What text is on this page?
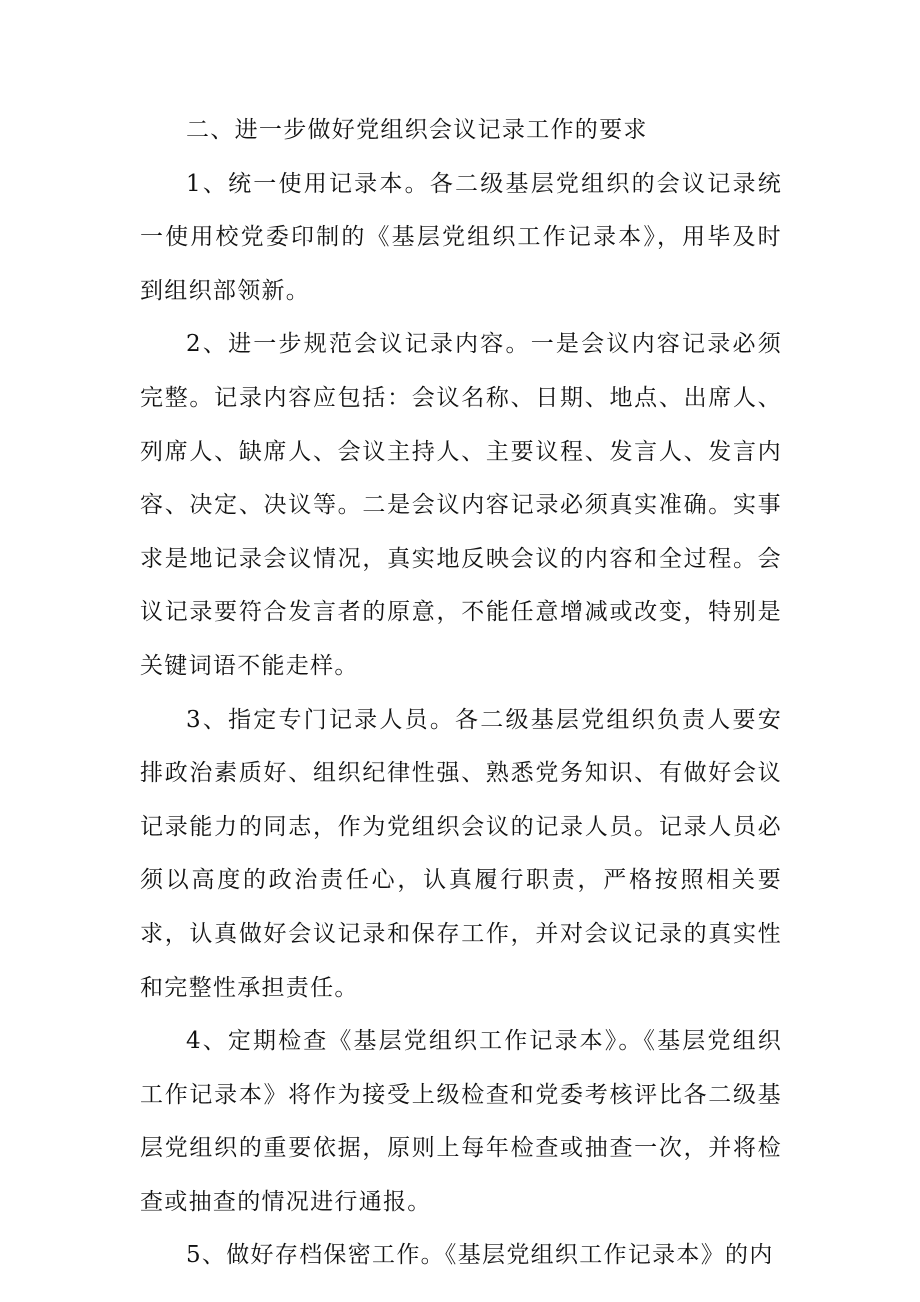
二、进一步做好党组织会议记录工作的要求

1、统一使用记录本。各二级基层党组织的会议记录统一使用校党委印制的《基层党组织工作记录本》，用毕及时到组织部领新。

2、进一步规范会议记录内容。一是会议内容记录必须完整。记录内容应包括：会议名称、日期、地点、出席人、列席人、缺席人、会议主持人、主要议程、发言人、发言内容、决定、决议等。二是会议内容记录必须真实准确。实事求是地记录会议情况，真实地反映会议的内容和全过程。会议记录要符合发言者的原意，不能任意增减或改变，特别是关键词语不能走样。

3、指定专门记录人员。各二级基层党组织负责人要安排政治素质好、组织纪律性强、熟悉党务知识、有做好会议记录能力的同志，作为党组织会议的记录人员。记录人员必须以高度的政治责任心，认真履行职责，严格按照相关要求，认真做好会议记录和保存工作，并对会议记录的真实性和完整性承担责任。

4、定期检查《基层党组织工作记录本》。《基层党组织工作记录本》将作为接受上级检查和党委考核评比各二级基层党组织的重要依据，原则上每年检查或抽查一次，并将检查或抽查的情况进行通报。

5、做好存档保密工作。《基层党组织工作记录本》的内
